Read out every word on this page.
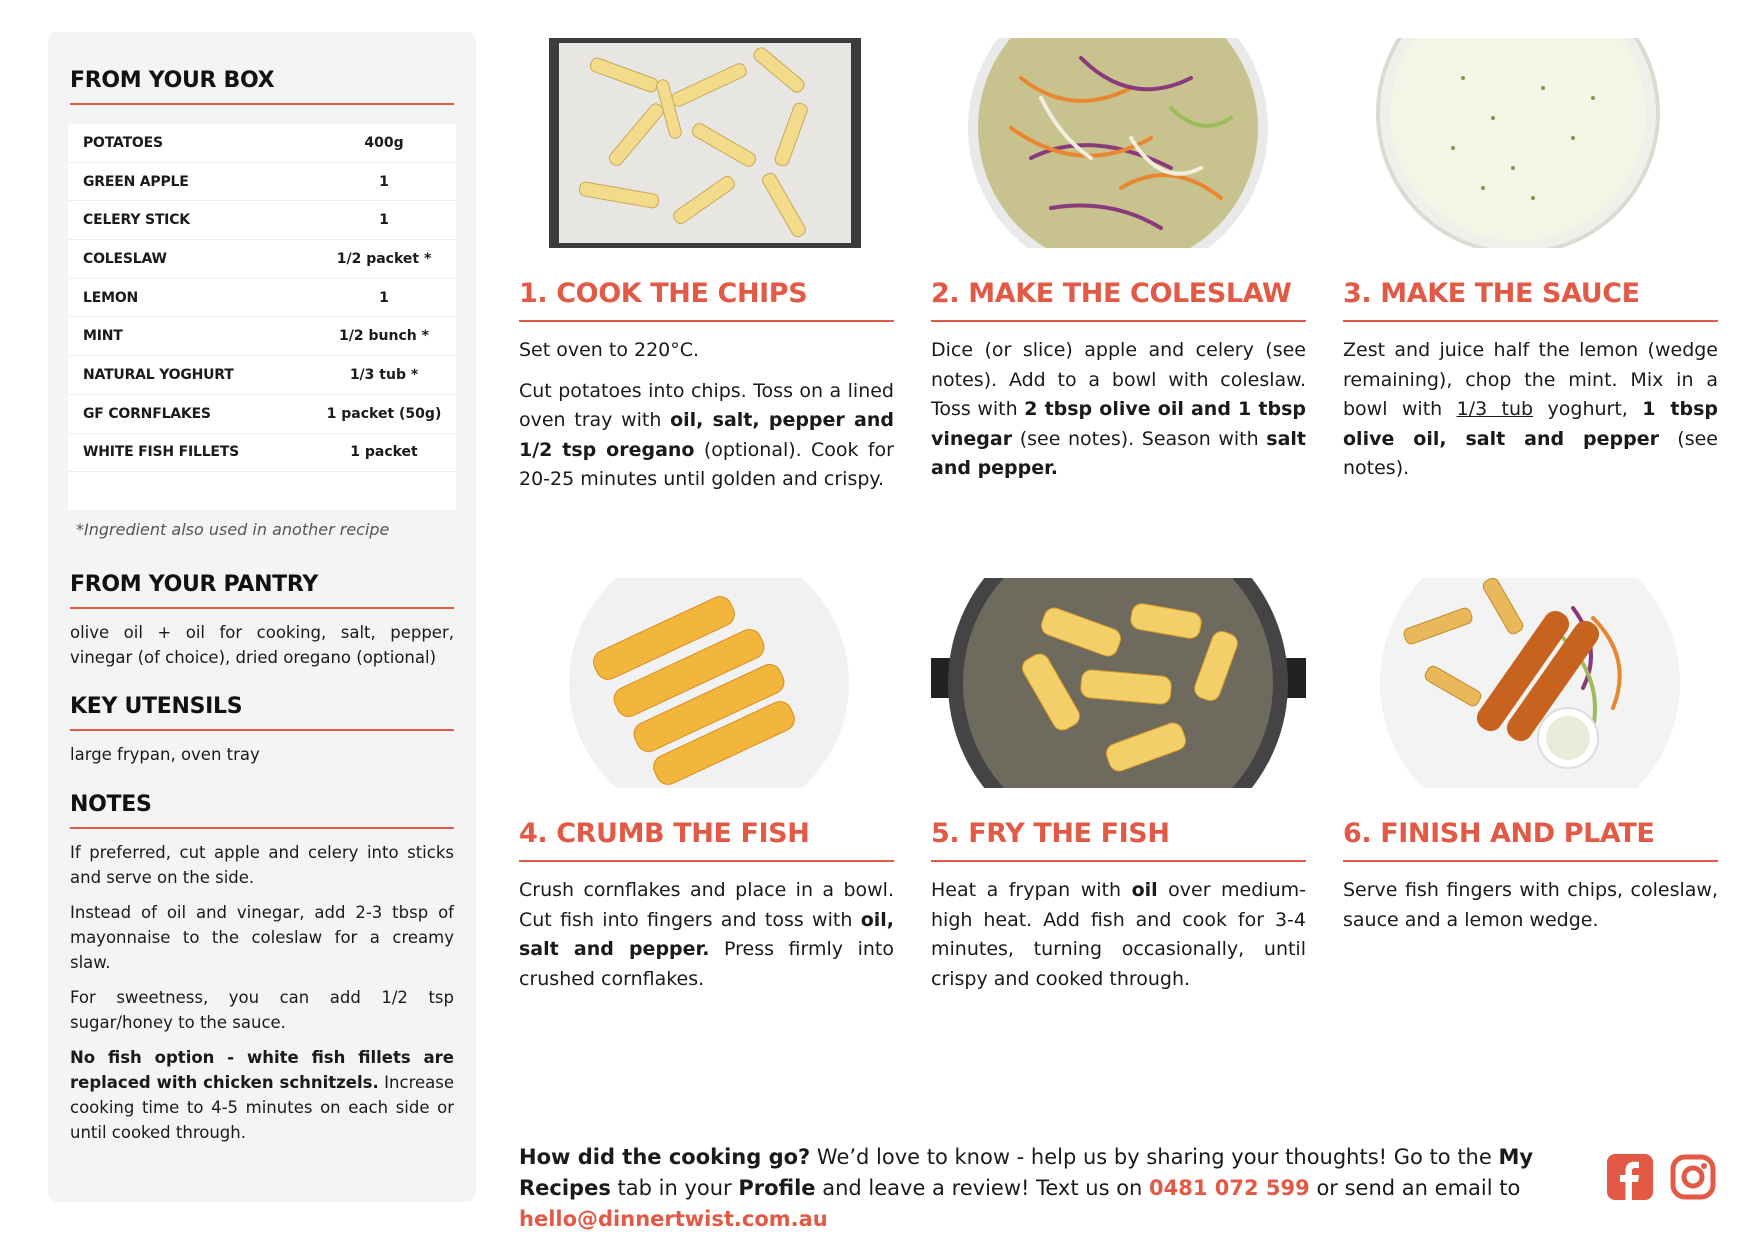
FROM YOUR BOX
POTATOES	400g
GREEN APPLE	1
CELERY STICK	1
COLESLAW	1/2 packet *
LEMON	1
MINT	1/2 bunch *
NATURAL YOGHURT	1/3 tub *
GF CORNFLAKES	1 packet (50g)
WHITE FISH FILLETS	1 packet
*Ingredient also used in another recipe
FROM YOUR PANTRY
olive oil + oil for cooking, salt, pepper, vinegar (of choice), dried oregano (optional)
KEY UTENSILS
large frypan, oven tray
NOTES

If preferred, cut apple and celery into sticks and serve on the side.

Instead of oil and vinegar, add 2-3 tbsp of mayonnaise to the coleslaw for a creamy slaw.

For sweetness, you can add 1/2 tsp sugar/honey to the sauce.

No fish option - white fish fillets are replaced with chicken schnitzels. Increase cooking time to 4-5 minutes on each side or until cooked through.

1. COOK THE CHIPS

Set oven to 220°C.

Cut potatoes into chips. Toss on a lined oven tray with oil, salt, pepper and 1/2 tsp oregano (optional). Cook for 20-25 minutes until golden and crispy.

2. MAKE THE COLESLAW

Dice (or slice) apple and celery (see notes). Add to a bowl with coleslaw. Toss with 2 tbsp olive oil and 1 tbsp vinegar (see notes). Season with salt and pepper.

3. MAKE THE SAUCE

Zest and juice half the lemon (wedge remaining), chop the mint. Mix in a bowl with 1/3 tub yoghurt, 1 tbsp olive oil, salt and pepper (see notes).

4. CRUMB THE FISH

Crush cornflakes and place in a bowl. Cut fish into fingers and toss with oil, salt and pepper. Press firmly into crushed cornflakes.

5. FRY THE FISH

Heat a frypan with oil over medium-high heat. Add fish and cook for 3-4 minutes, turning occasionally, until crispy and cooked through.

6. FINISH AND PLATE

Serve fish fingers with chips, coleslaw, sauce and a lemon wedge.

How did the cooking go? We’d love to know - help us by sharing your thoughts! Go to the My Recipes tab in your Profile and leave a review! Text us on 0481 072 599 or send an email to hello@dinnertwist.com.au
